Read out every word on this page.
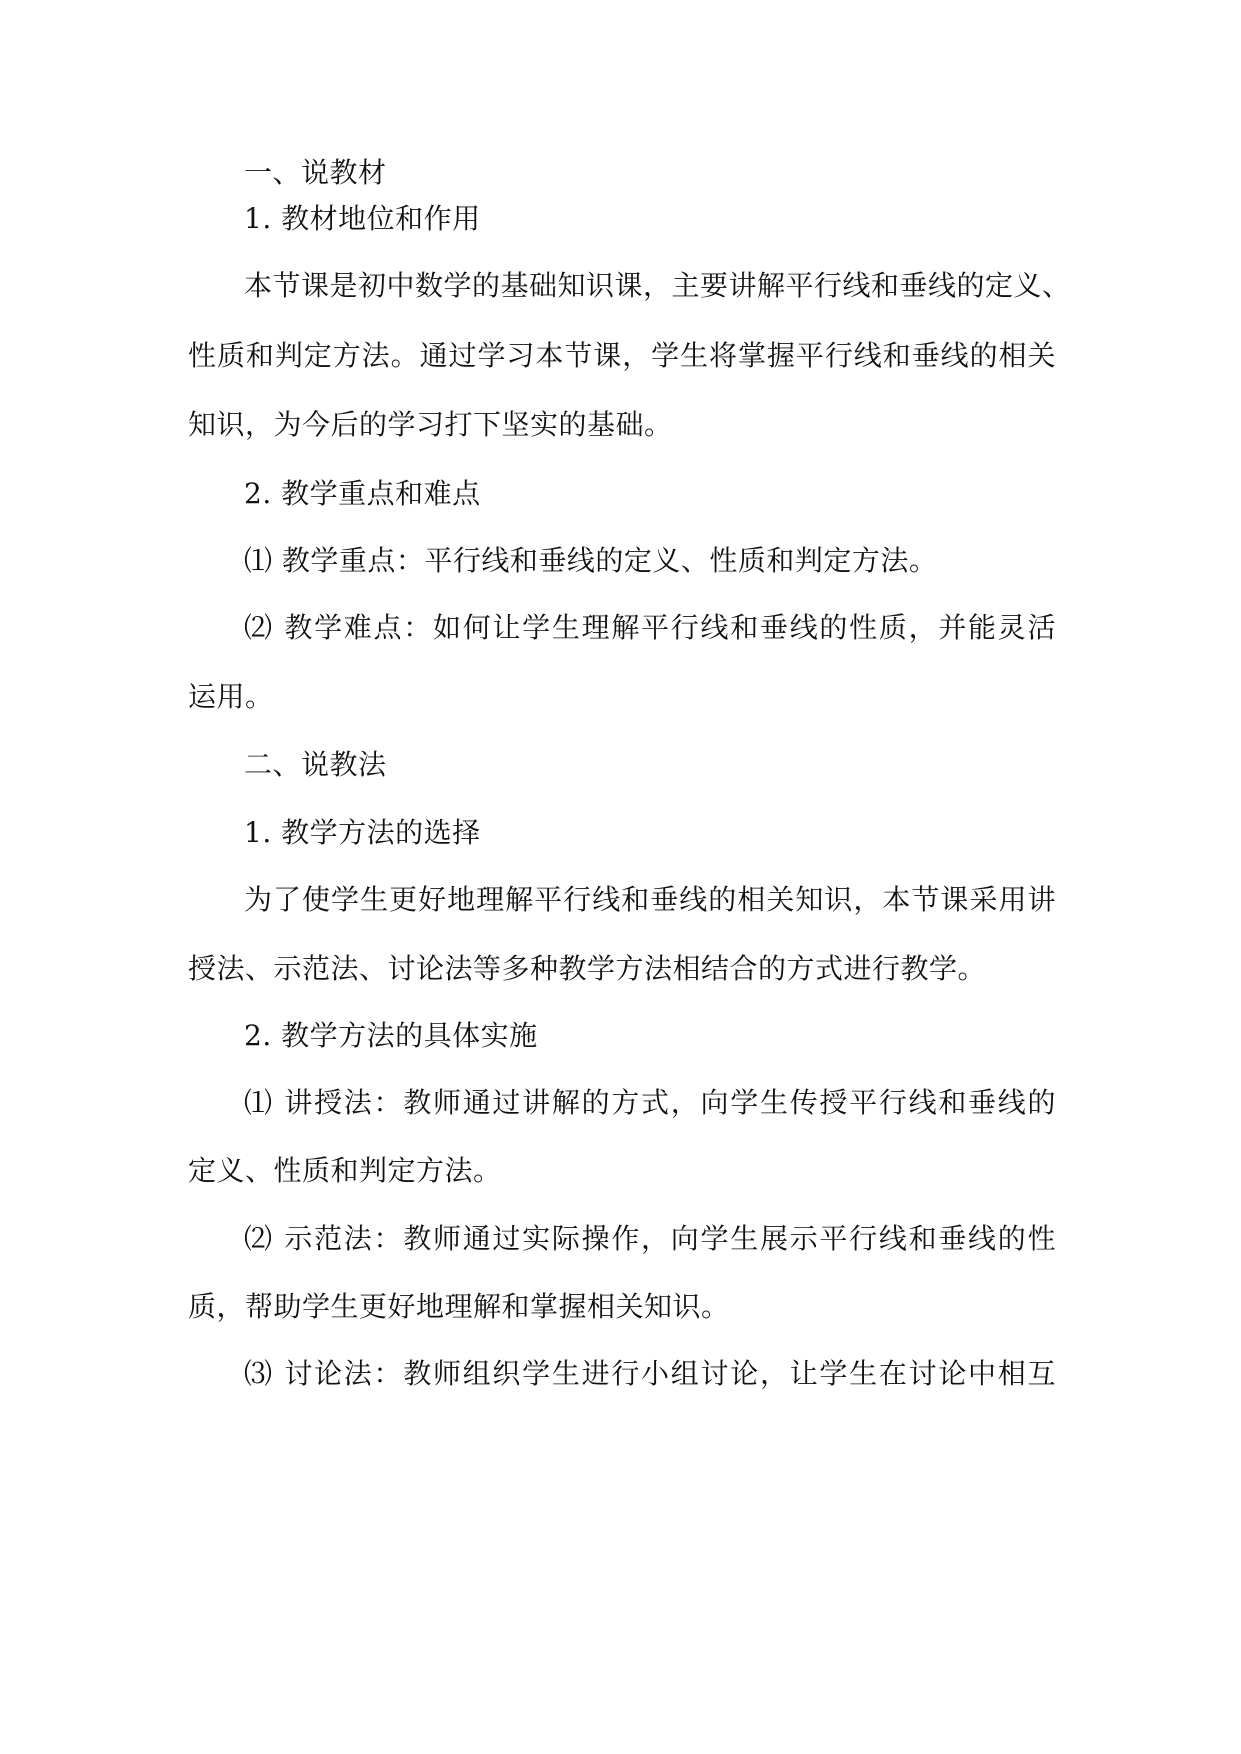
一、说教材
1. 教材地位和作用
本节课是初中数学的基础知识课，主要讲解平行线和垂线的定义、
性质和判定方法。通过学习本节课，学生将掌握平行线和垂线的相关
知识，为今后的学习打下坚实的基础。
2. 教学重点和难点
⑴ 教学重点：平行线和垂线的定义、性质和判定方法。
⑵ 教学难点：如何让学生理解平行线和垂线的性质，并能灵活
运用。
二、说教法
1. 教学方法的选择
为了使学生更好地理解平行线和垂线的相关知识，本节课采用讲
授法、示范法、讨论法等多种教学方法相结合的方式进行教学。
2. 教学方法的具体实施
⑴ 讲授法：教师通过讲解的方式，向学生传授平行线和垂线的
定义、性质和判定方法。
⑵ 示范法：教师通过实际操作，向学生展示平行线和垂线的性
质，帮助学生更好地理解和掌握相关知识。
⑶ 讨论法：教师组织学生进行小组讨论，让学生在讨论中相互
